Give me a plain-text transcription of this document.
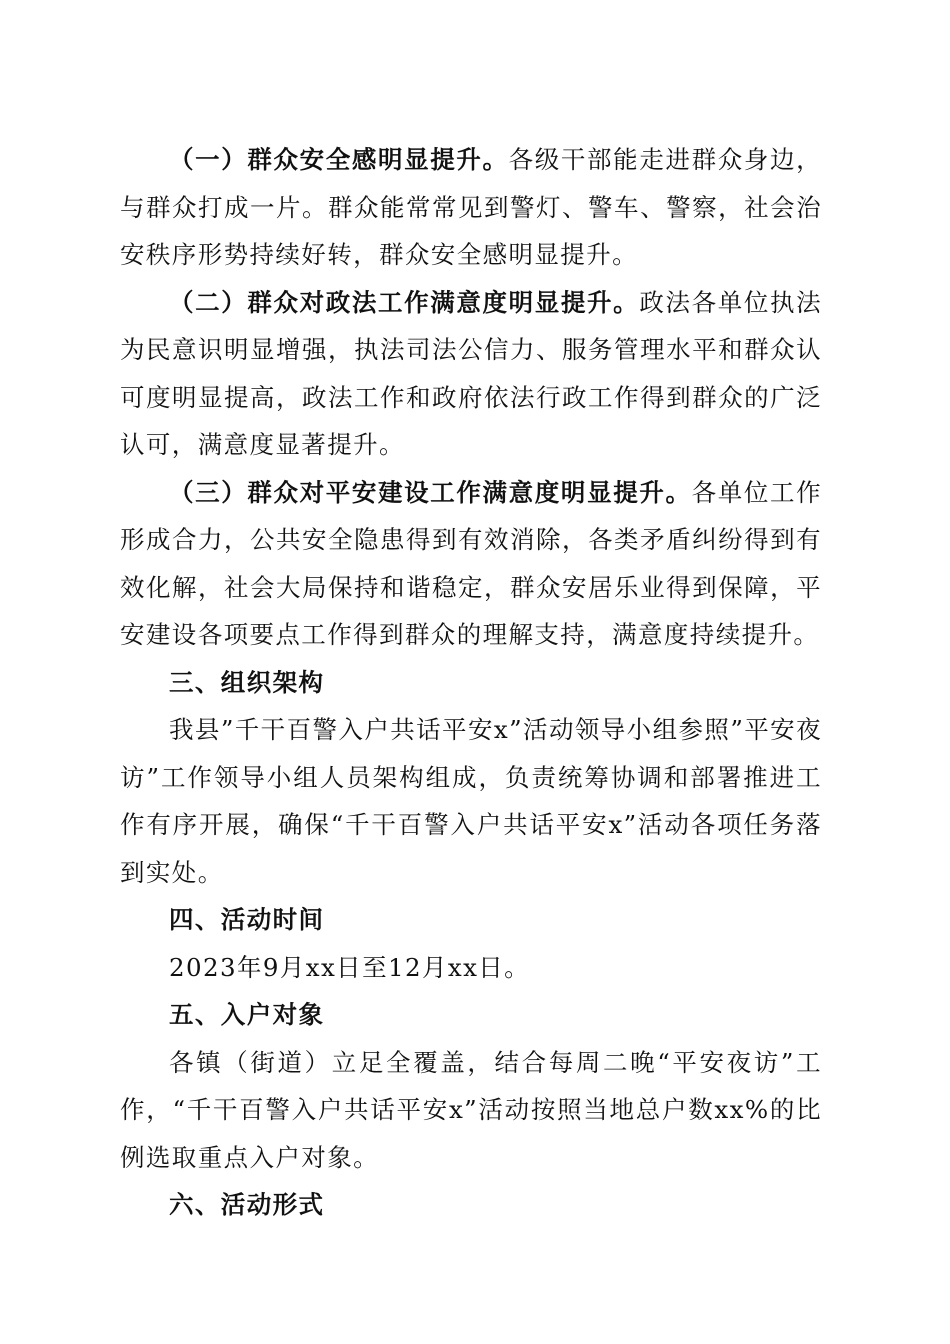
（一）群众安全感明显提升。各级干部能走进群众身边，与群众打成一片。群众能常常见到警灯、警车、警察，社会治安秩序形势持续好转，群众安全感明显提升。

（二）群众对政法工作满意度明显提升。政法各单位执法为民意识明显增强，执法司法公信力、服务管理水平和群众认可度明显提高，政法工作和政府依法行政工作得到群众的广泛认可，满意度显著提升。

（三）群众对平安建设工作满意度明显提升。各单位工作形成合力，公共安全隐患得到有效消除，各类矛盾纠纷得到有效化解，社会大局保持和谐稳定，群众安居乐业得到保障，平安建设各项要点工作得到群众的理解支持，满意度持续提升。

三、组织架构

我县”千干百警入户共话平安x”活动领导小组参照”平安夜访”工作领导小组人员架构组成，负责统筹协调和部署推进工作有序开展，确保“千干百警入户共话平安x”活动各项任务落到实处。

四、活动时间

2023年9月xx日至12月xx日。

五、入户对象

各镇（街道）立足全覆盖，结合每周二晚“平安夜访”工作，“千干百警入户共话平安x”活动按照当地总户数xx%的比例选取重点入户对象。

六、活动形式
